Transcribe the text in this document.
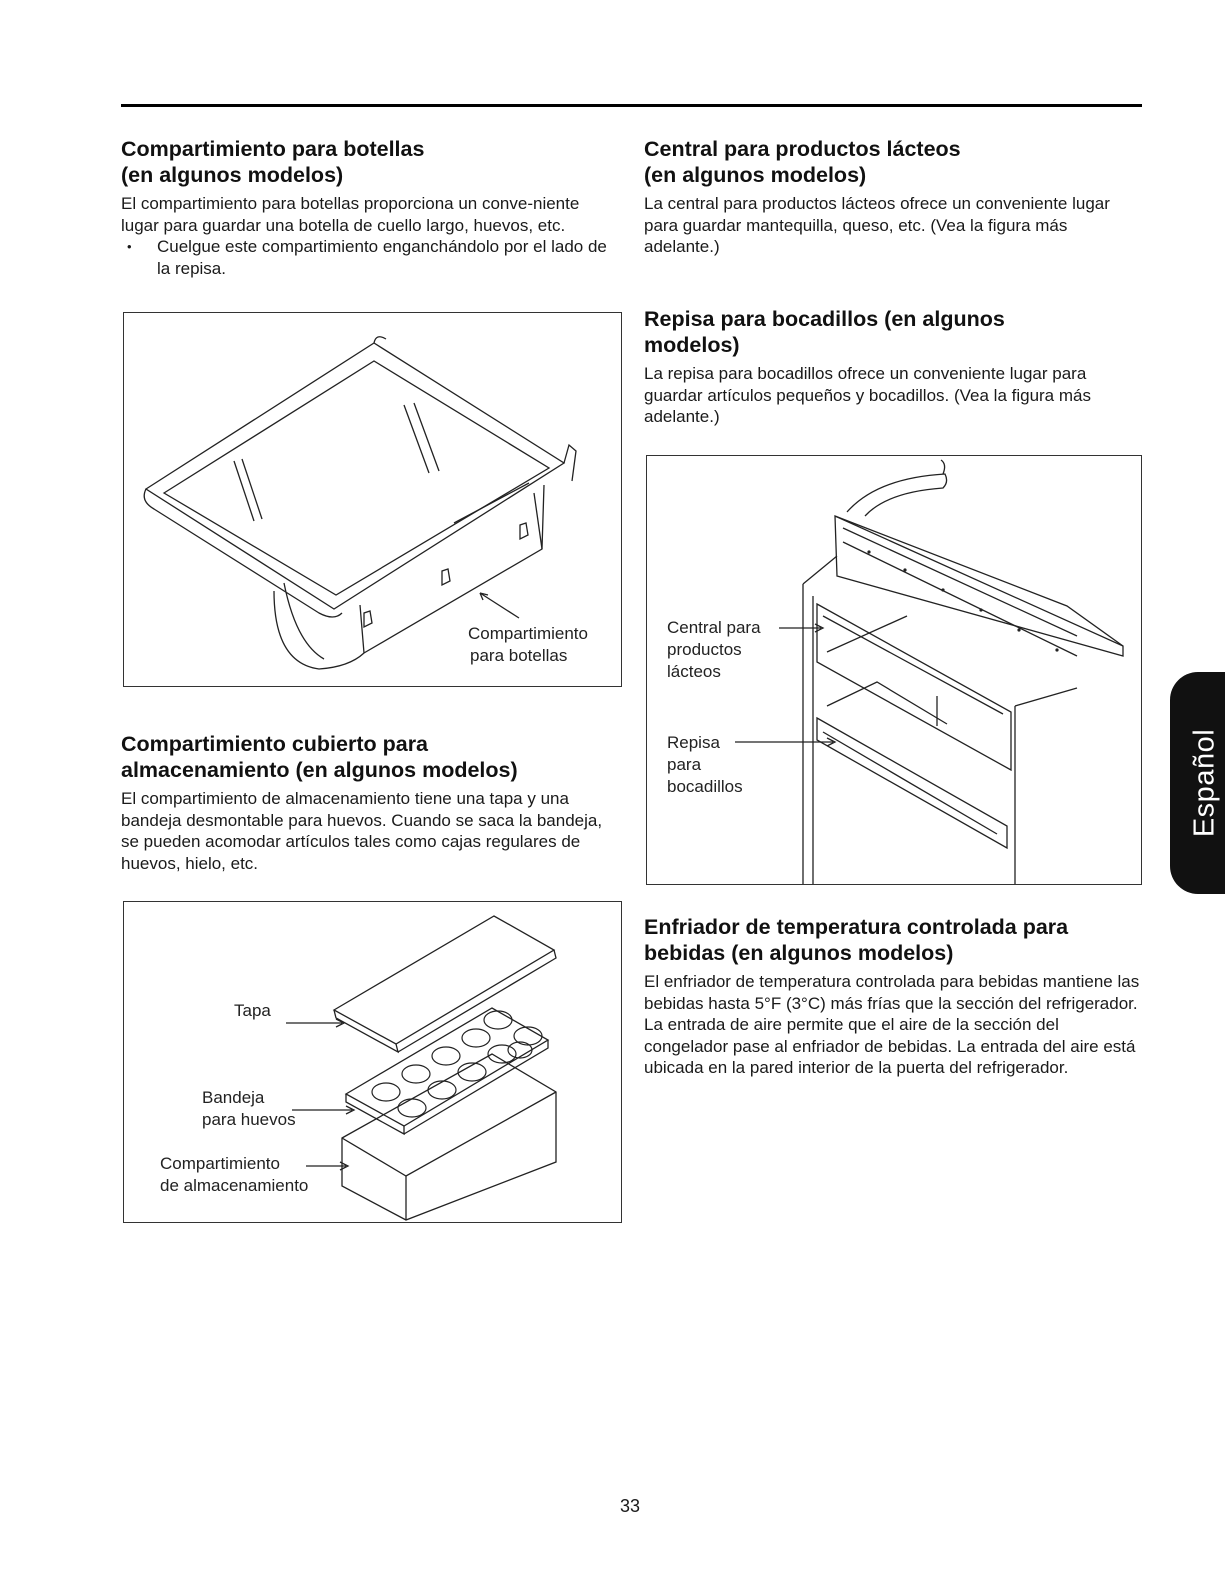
Compartimiento para botellas
(en algunos modelos)

El compartimiento para botellas proporciona un conve-niente lugar para guardar una botella de cuello largo, huevos, etc.

• Cuelgue este compartimiento enganchándolo por el lado de la repisa.
Compartimiento
para botellas
Compartimiento cubierto para
almacenamiento (en algunos modelos)

El compartimiento de almacenamiento tiene una tapa y una bandeja desmontable para huevos. Cuando se saca la bandeja, se pueden acomodar artículos tales como cajas regulares de huevos, hielo, etc.

Tapa
Bandeja
para huevos
Compartimiento
de almacenamiento
Central para productos lácteos
(en algunos modelos)

La central para productos lácteos ofrece un conveniente lugar para guardar mantequilla, queso, etc. (Vea la figura más adelante.)

Repisa para bocadillos (en algunos
modelos)

La repisa para bocadillos ofrece un conveniente lugar para guardar artículos pequeños y bocadillos. (Vea la figura más adelante.)

Central para
productos
lácteos
Repisa
para
bocadillos
Enfriador de temperatura controlada para
bebidas (en algunos modelos)

El enfriador de temperatura controlada para bebidas mantiene las bebidas hasta 5°F (3°C) más frías que la sección del refrigerador. La entrada de aire permite que el aire de la sección del congelador pase al enfriador de bebidas. La entrada del aire está ubicada en la pared interior de la puerta del refrigerador.

Español
33
